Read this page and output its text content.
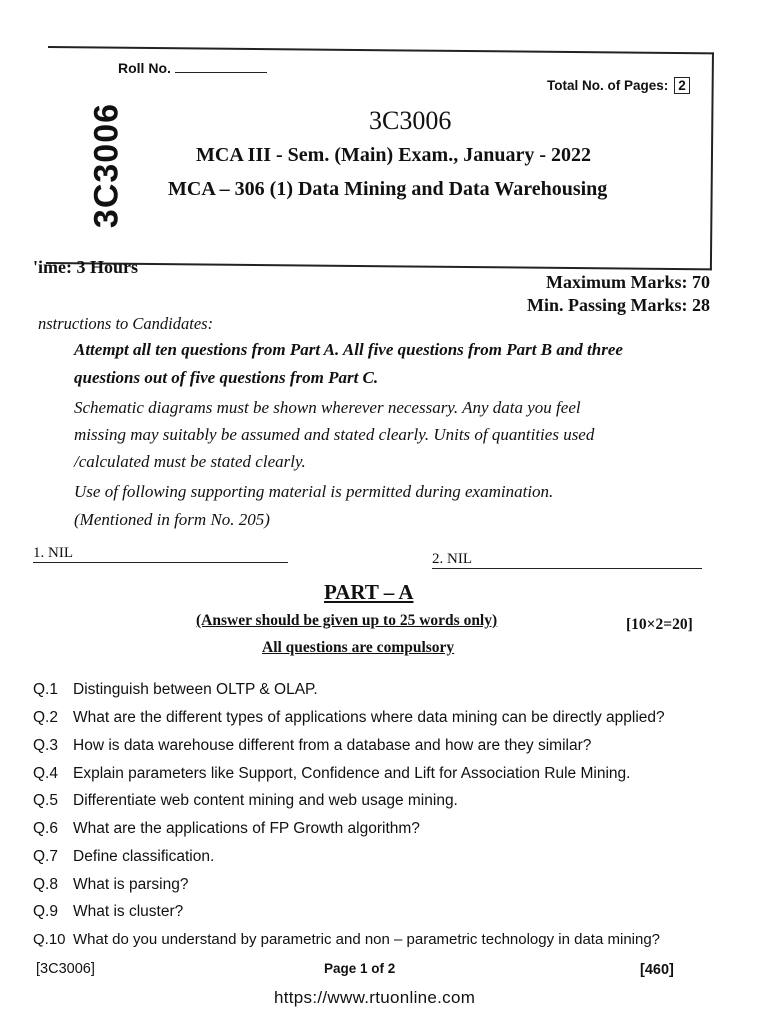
3C3006
Roll No.
Total No. of Pages: 2
3C3006
MCA III - Sem. (Main) Exam., January - 2022
MCA – 306 (1) Data Mining and Data Warehousing
'ime: 3 Hours
Maximum Marks: 70
Min. Passing Marks: 28
nstructions to Candidates:
Attempt all ten questions from Part A. All five questions from Part B and three
questions out of five questions from Part C.
Schematic diagrams must be shown wherever necessary. Any data you feel
missing may suitably be assumed and stated clearly. Units of quantities used
/calculated must be stated clearly.
Use of following supporting material is permitted during examination.
(Mentioned in form No. 205)
1. NIL	2. NIL
PART – A
(Answer should be given up to 25 words only)	[10×2=20]
All questions are compulsory
Q.1 Distinguish between OLTP & OLAP.
Q.2 What are the different types of applications where data mining can be directly applied?
Q.3 How is data warehouse different from a database and how are they similar?
Q.4 Explain parameters like Support, Confidence and Lift for Association Rule Mining.
Q.5 Differentiate web content mining and web usage mining.
Q.6 What are the applications of FP Growth algorithm?
Q.7 Define classification.
Q.8 What is parsing?
Q.9 What is cluster?
Q.10 What do you understand by parametric and non – parametric technology in data mining?
[3C3006]	Page 1 of 2	[460]
https://www.rtuonline.com
